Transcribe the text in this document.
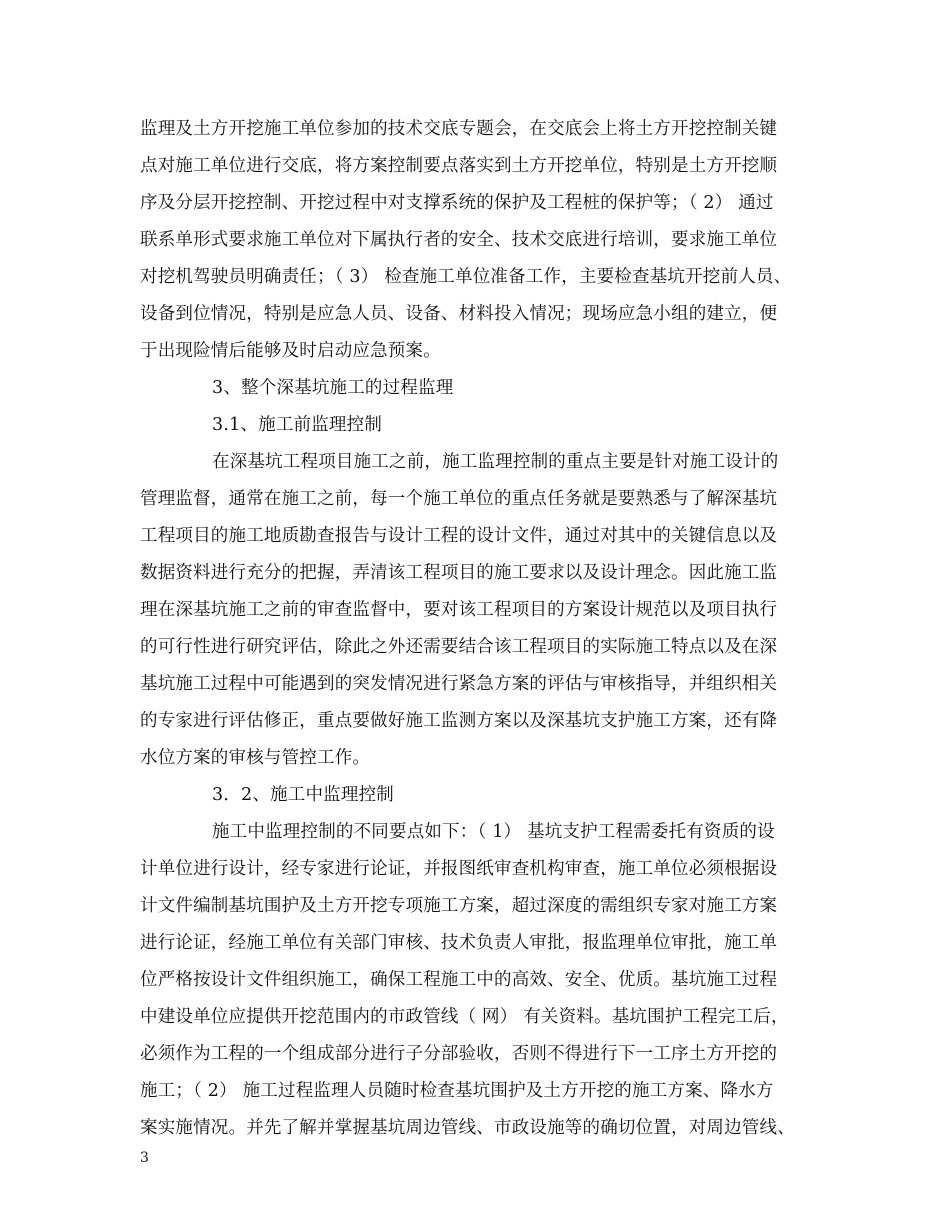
监理及土方开挖施工单位参加的技术交底专题会，在交底会上将土方开挖控制关键
点对施工单位进行交底，将方案控制要点落实到土方开挖单位，特别是土方开挖顺
序及分层开挖控制、开挖过程中对支撑系统的保护及工程桩的保护等；（ 2） 通过
联系单形式要求施工单位对下属执行者的安全、技术交底进行培训，要求施工单位
对挖机驾驶员明确责任；（ 3） 检查施工单位准备工作，主要检查基坑开挖前人员、
设备到位情况，特别是应急人员、设备、材料投入情况；现场应急小组的建立，便
于出现险情后能够及时启动应急预案。
3、整个深基坑施工的过程监理
3.1、施工前监理控制
在深基坑工程项目施工之前，施工监理控制的重点主要是针对施工设计的
管理监督，通常在施工之前，每一个施工单位的重点任务就是要熟悉与了解深基坑
工程项目的施工地质勘查报告与设计工程的设计文件，通过对其中的关键信息以及
数据资料进行充分的把握，弄清该工程项目的施工要求以及设计理念。因此施工监
理在深基坑施工之前的审查监督中，要对该工程项目的方案设计规范以及项目执行
的可行性进行研究评估，除此之外还需要结合该工程项目的实际施工特点以及在深
基坑施工过程中可能遇到的突发情况进行紧急方案的评估与审核指导，并组织相关
的专家进行评估修正，重点要做好施工监测方案以及深基坑支护施工方案，还有降
水位方案的审核与管控工作。
3．2、施工中监理控制
施工中监理控制的不同要点如下：（ 1） 基坑支护工程需委托有资质的设
计单位进行设计，经专家进行论证，并报图纸审查机构审查，施工单位必须根据设
计文件编制基坑围护及土方开挖专项施工方案，超过深度的需组织专家对施工方案
进行论证，经施工单位有关部门审核、技术负责人审批，报监理单位审批，施工单
位严格按设计文件组织施工，确保工程施工中的高效、安全、优质。基坑施工过程
中建设单位应提供开挖范围内的市政管线（ 网） 有关资料。基坑围护工程完工后，
必须作为工程的一个组成部分进行子分部验收，否则不得进行下一工序土方开挖的
施工；（ 2） 施工过程监理人员随时检查基坑围护及土方开挖的施工方案、降水方
案实施情况。并先了解并掌握基坑周边管线、市政设施等的确切位置，对周边管线、
3
